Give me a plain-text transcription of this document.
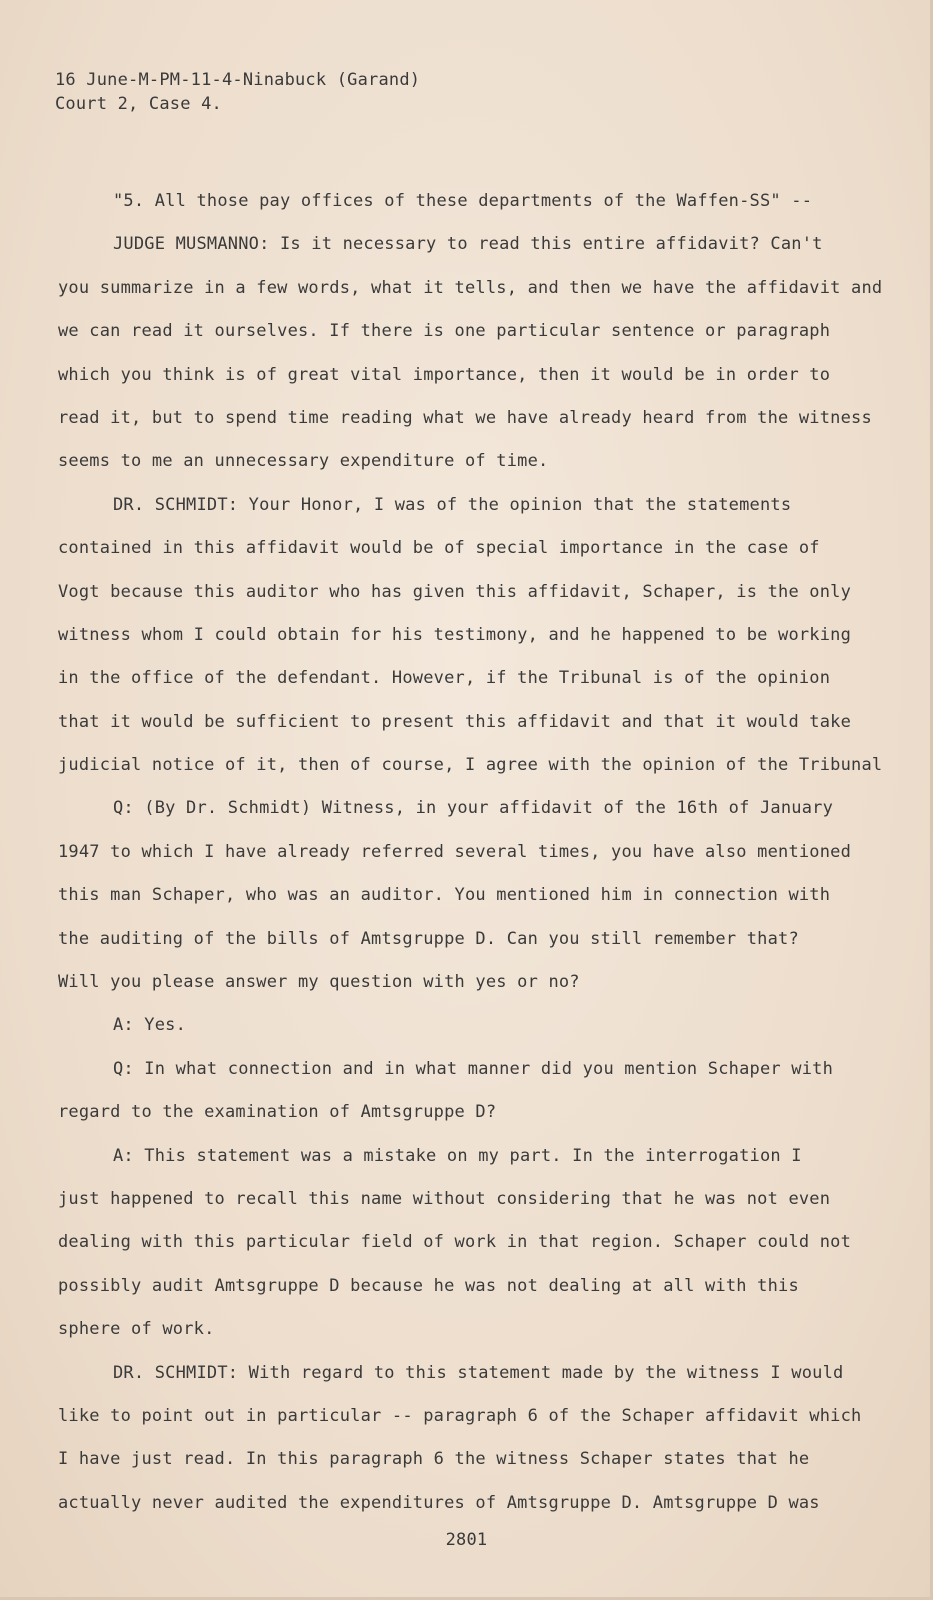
16 June-M-PM-11-4-Ninabuck (Garand)
Court 2, Case 4.
"5. All those pay offices of these departments of the Waffen-SS" --
JUDGE MUSMANNO: Is it necessary to read this entire affidavit? Can't
you summarize in a few words, what it tells, and then we have the affidavit and
we can read it ourselves. If there is one particular sentence or paragraph
which you think is of great vital importance, then it would be in order to
read it, but to spend time reading what we have already heard from the witness
seems to me an unnecessary expenditure of time.
DR. SCHMIDT: Your Honor, I was of the opinion that the statements
contained in this affidavit would be of special importance in the case of
Vogt because this auditor who has given this affidavit, Schaper, is the only
witness whom I could obtain for his testimony, and he happened to be working
in the office of the defendant. However, if the Tribunal is of the opinion
that it would be sufficient to present this affidavit and that it would take
judicial notice of it, then of course, I agree with the opinion of the Tribunal
Q: (By Dr. Schmidt) Witness, in your affidavit of the 16th of January
1947 to which I have already referred several times, you have also mentioned
this man Schaper, who was an auditor. You mentioned him in connection with
the auditing of the bills of Amtsgruppe D. Can you still remember that?
Will you please answer my question with yes or no?
A: Yes.
Q: In what connection and in what manner did you mention Schaper with
regard to the examination of Amtsgruppe D?
A: This statement was a mistake on my part. In the interrogation I
just happened to recall this name without considering that he was not even
dealing with this particular field of work in that region. Schaper could not
possibly audit Amtsgruppe D because he was not dealing at all with this
sphere of work.
DR. SCHMIDT: With regard to this statement made by the witness I would
like to point out in particular -- paragraph 6 of the Schaper affidavit which
I have just read. In this paragraph 6 the witness Schaper states that he
actually never audited the expenditures of Amtsgruppe D. Amtsgruppe D was
2801
